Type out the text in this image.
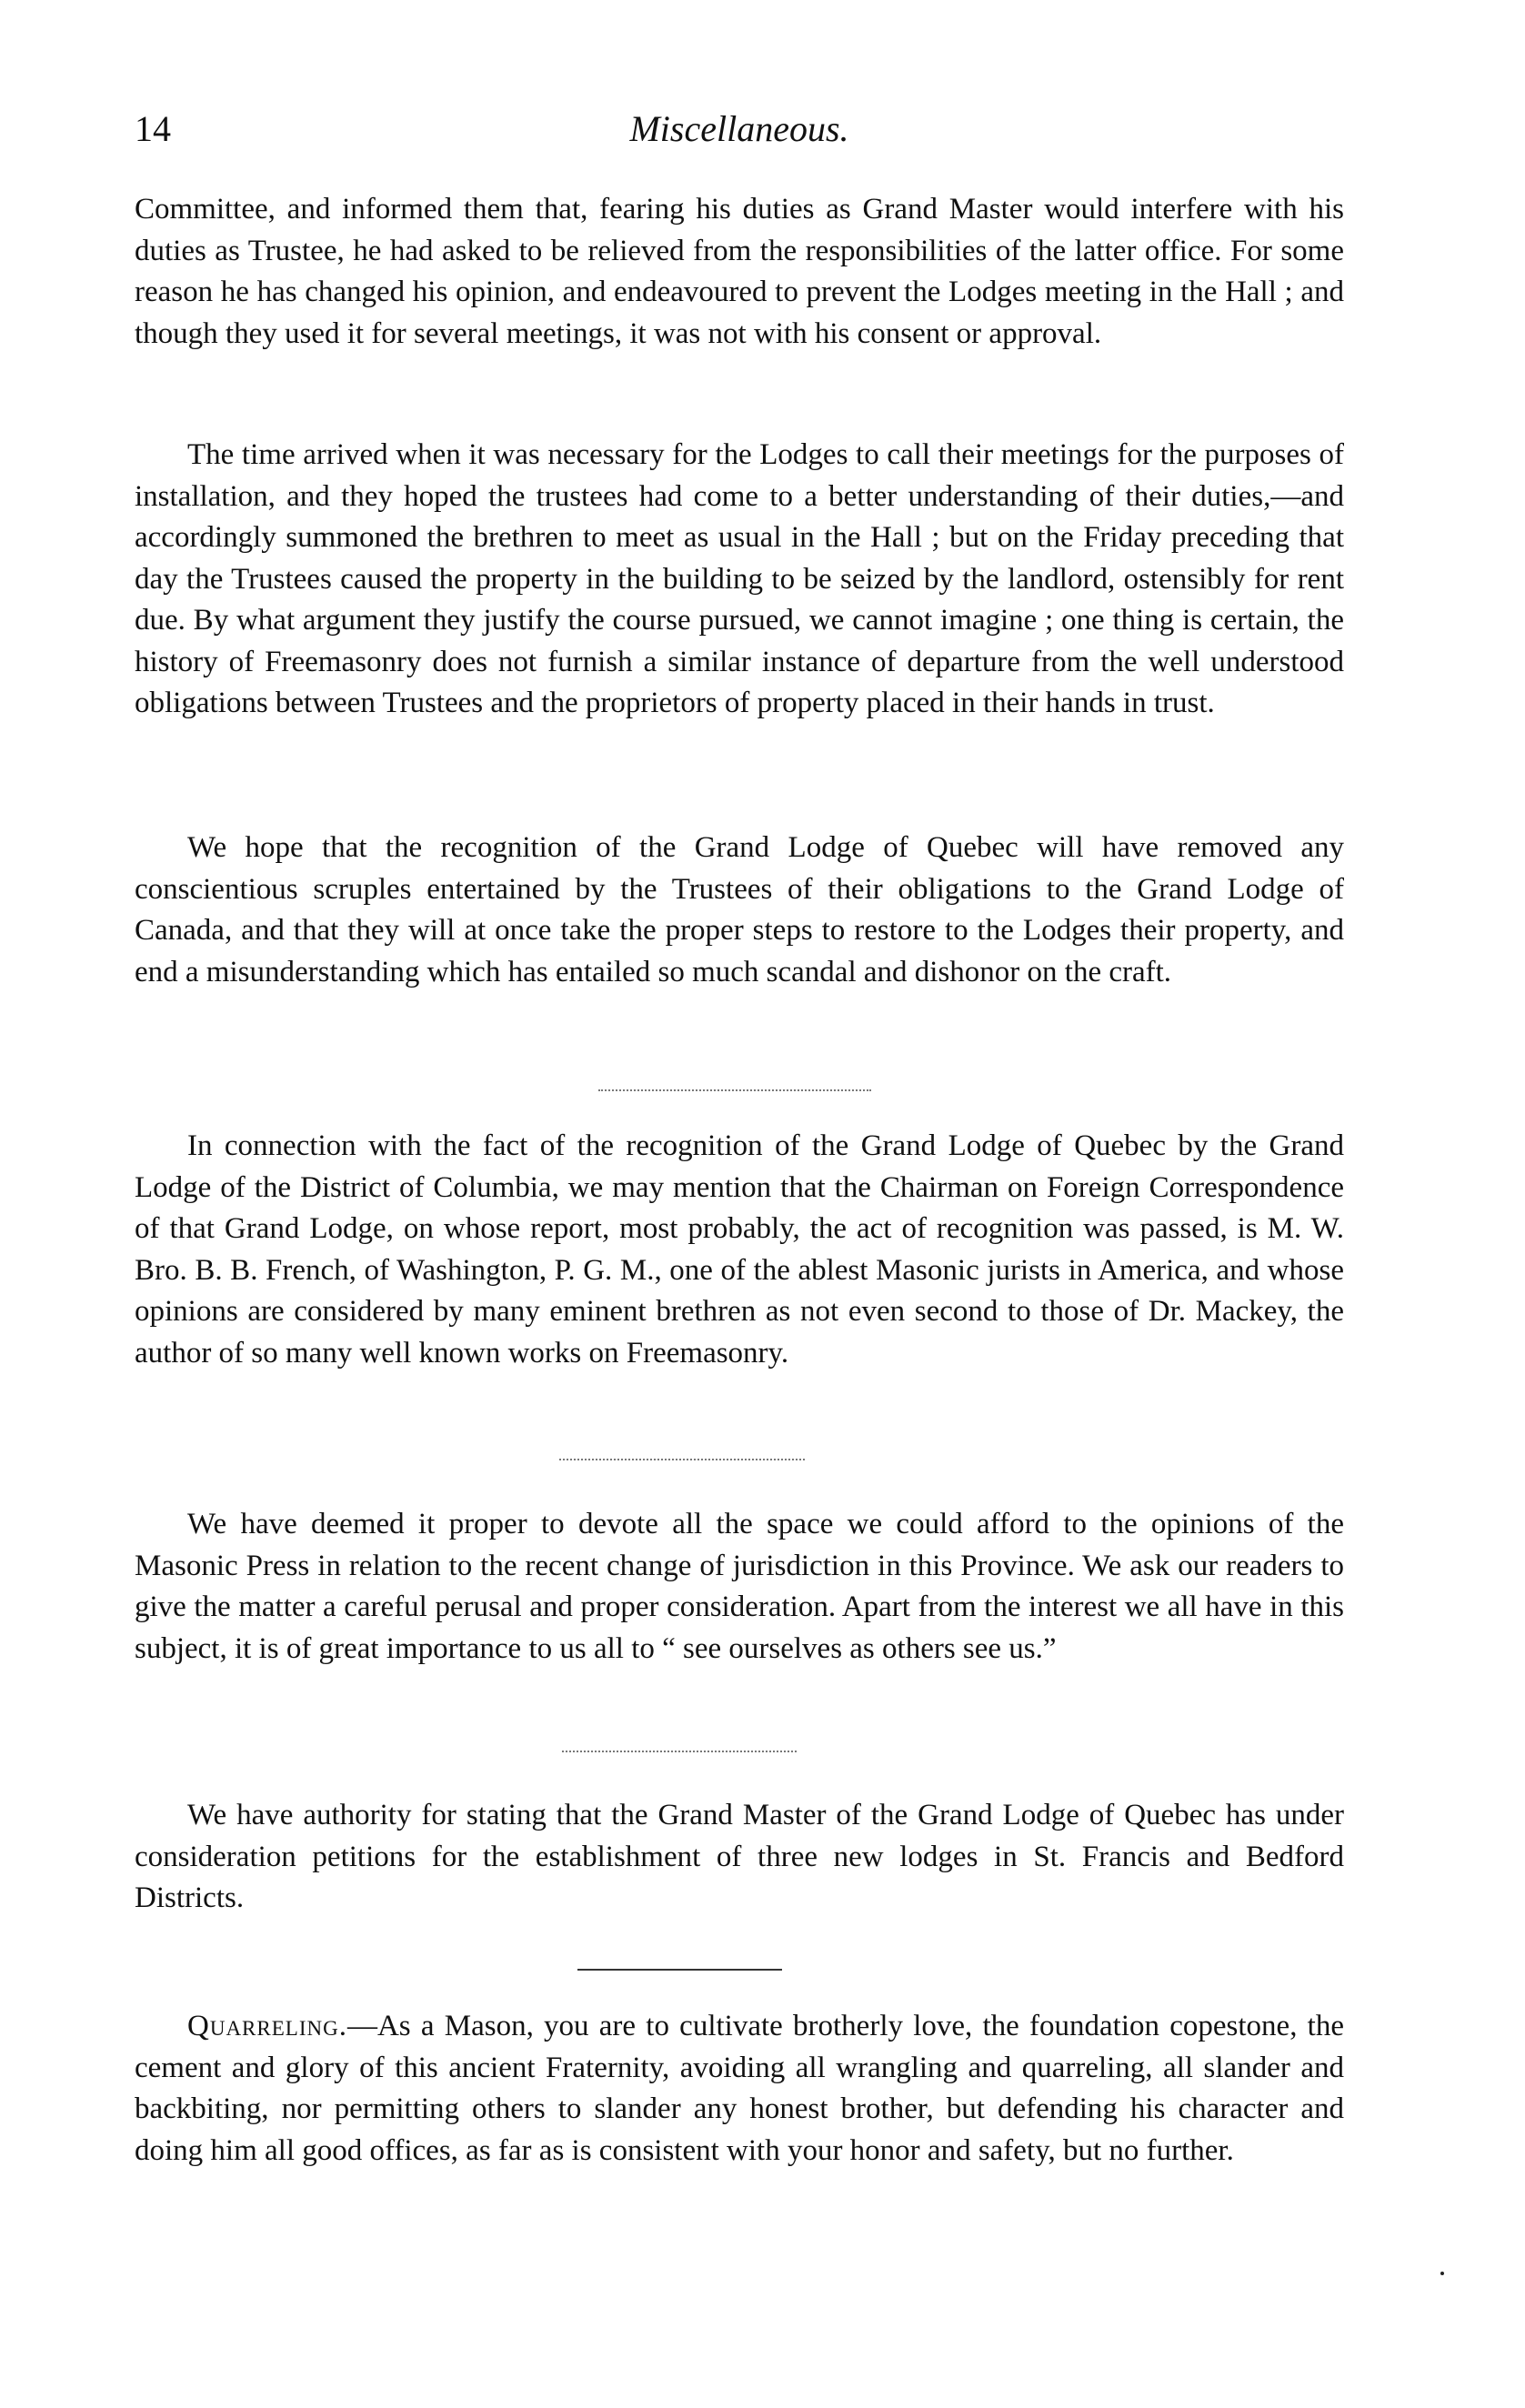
14	Miscellaneous.

Committee, and informed them that, fearing his duties as Grand Master would interfere with his duties as Trustee, he had asked to be relieved from the responsibilities of the latter office. For some reason he has changed his opinion, and endeavoured to prevent the Lodges meeting in the Hall ; and though they used it for several meetings, it was not with his consent or approval.

The time arrived when it was necessary for the Lodges to call their meetings for the purposes of installation, and they hoped the trustees had come to a better understanding of their duties,—and accordingly summoned the brethren to meet as usual in the Hall ; but on the Friday preceding that day the Trustees caused the property in the building to be seized by the landlord, ostensibly for rent due. By what argument they justify the course pursued, we cannot imagine ; one thing is certain, the history of Freemasonry does not furnish a similar instance of departure from the well understood obligations between Trustees and the proprietors of property placed in their hands in trust.

We hope that the recognition of the Grand Lodge of Quebec will have removed any conscientious scruples entertained by the Trustees of their obligations to the Grand Lodge of Canada, and that they will at once take the proper steps to restore to the Lodges their property, and end a misunderstanding which has entailed so much scandal and dishonor on the craft.

In connection with the fact of the recognition of the Grand Lodge of Quebec by the Grand Lodge of the District of Columbia, we may mention that the Chairman on Foreign Correspondence of that Grand Lodge, on whose report, most probably, the act of recognition was passed, is M. W. Bro. B. B. French, of Washington, P. G. M., one of the ablest Masonic jurists in America, and whose opinions are considered by many eminent brethren as not even second to those of Dr. Mackey, the author of so many well known works on Freemasonry.

We have deemed it proper to devote all the space we could afford to the opinions of the Masonic Press in relation to the recent change of jurisdiction in this Province. We ask our readers to give the matter a careful perusal and proper consideration. Apart from the interest we all have in this subject, it is of great importance to us all to “ see ourselves as others see us.”

We have authority for stating that the Grand Master of the Grand Lodge of Quebec has under consideration petitions for the establishment of three new lodges in St. Francis and Bedford Districts.

Quarreling.—As a Mason, you are to cultivate brotherly love, the foundation copestone, the cement and glory of this ancient Fraternity, avoiding all wrangling and quarreling, all slander and backbiting, nor permitting others to slander any honest brother, but defending his character and doing him all good offices, as far as is consistent with your honor and safety, but no further.
